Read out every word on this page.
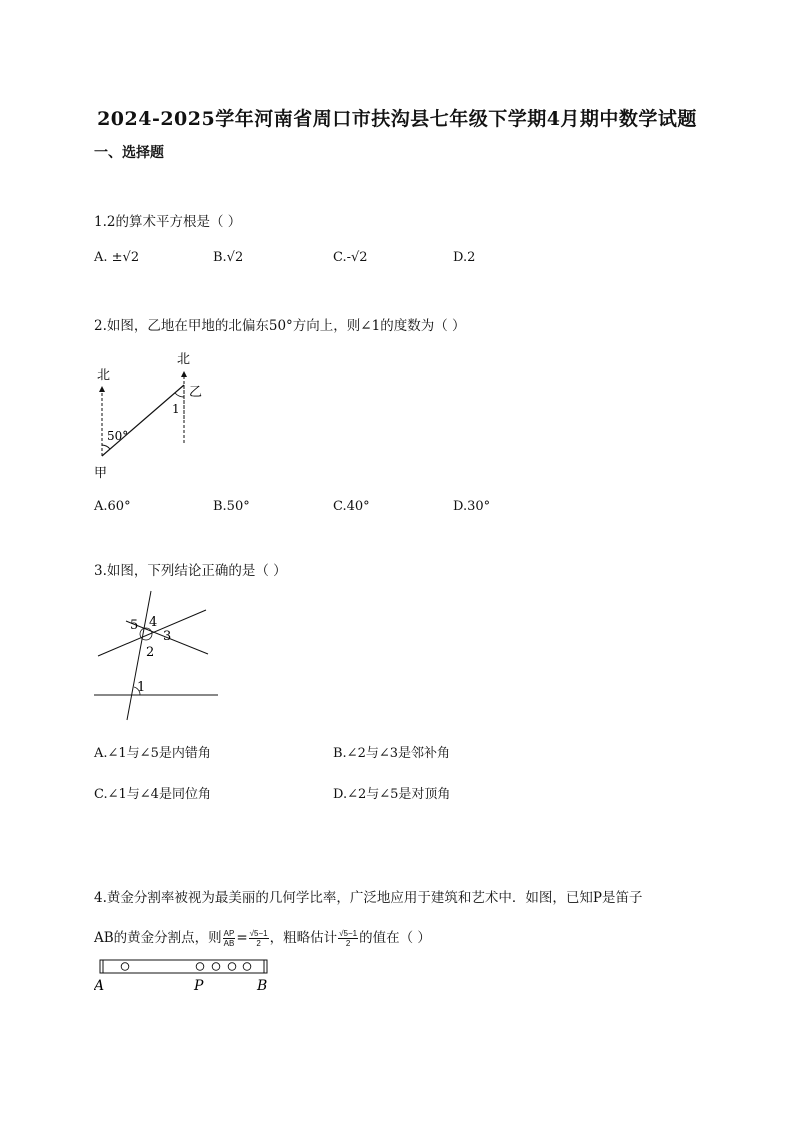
2024-2025学年河南省周口市扶沟县七年级下学期4月期中数学试题
一、选择题
1.2的算术平方根是（ ）
A. ±√2	B.√2	C.-√2	D.2
2.如图，乙地在甲地的北偏东50°方向上，则∠1的度数为（ ）
北
北
50°
1
乙
甲
A.60°	B.50°	C.40°	D.30°
3.如图，下列结论正确的是（ ）
5 4
3
2
1
A.∠1与∠5是内错角	B.∠2与∠3是邻补角
C.∠1与∠4是同位角	D.∠2与∠5是对顶角
4.黄金分割率被视为最美丽的几何学比率，广泛地应用于建筑和艺术中．如图，已知P是笛子
AB的黄金分割点，则 $\frac{AP}{AB} = \frac{√5-1}{2}$ ，粗略估计 $\frac{√5-1}{2}$ 的值在（ ）
A	P	B
